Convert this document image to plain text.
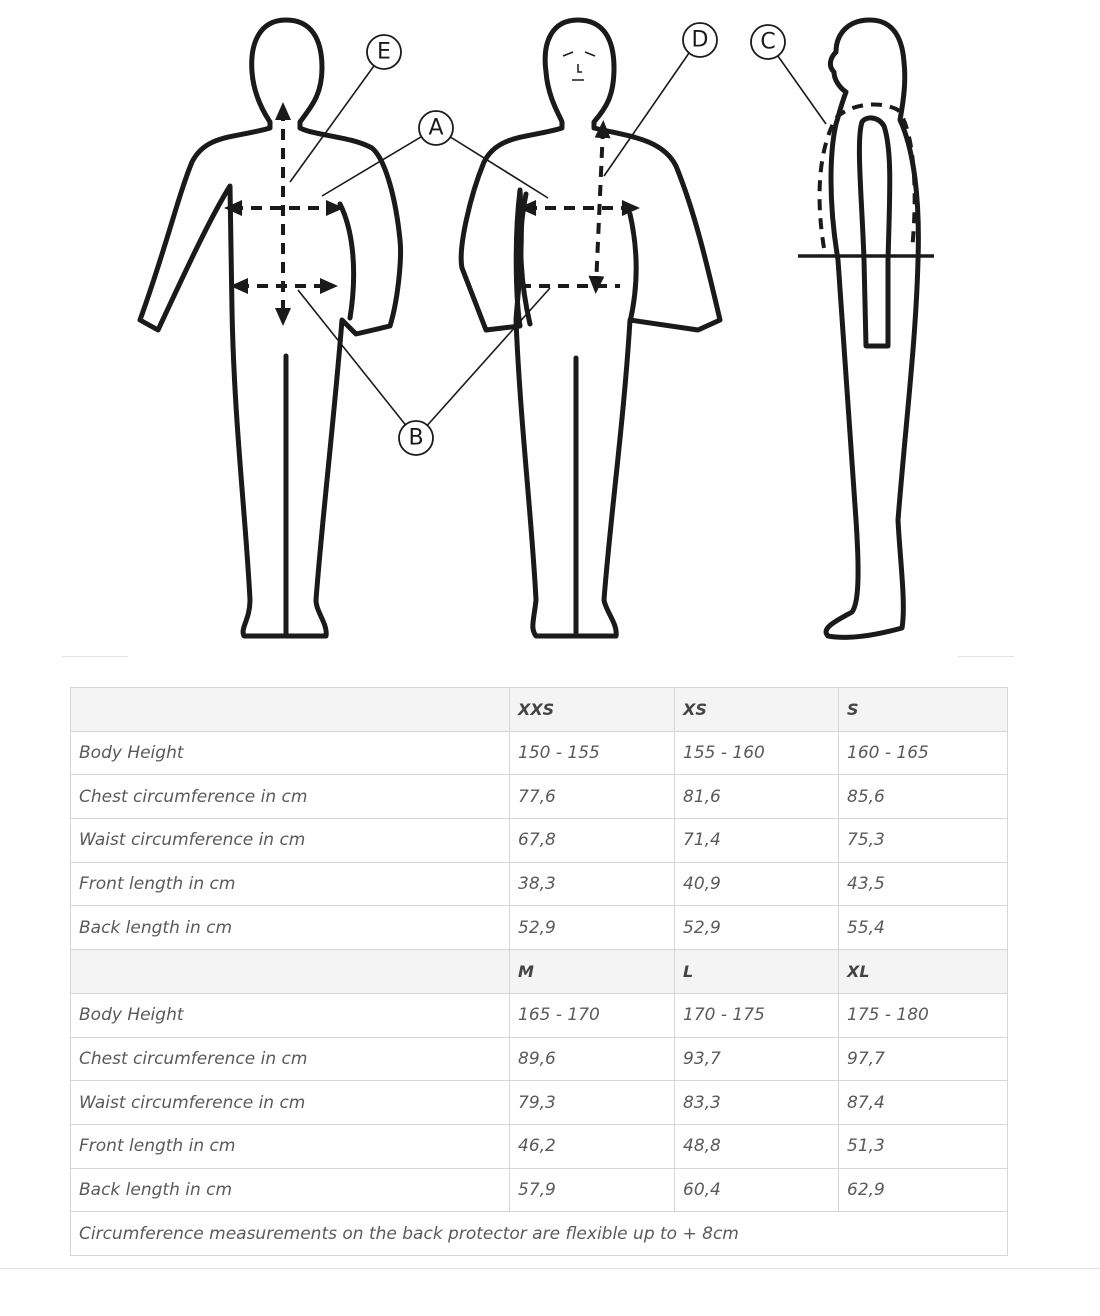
E
A
B
D C
	XXS	XS	S
Body Height	150 - 155	155 - 160	160 - 165
Chest circumference in cm	77,6	81,6	85,6
Waist circumference in cm	67,8	71,4	75,3
Front length in cm	38,3	40,9	43,5
Back length in cm	52,9	52,9	55,4
	M	L	XL
Body Height	165 - 170	170 - 175	175 - 180
Chest circumference in cm	89,6	93,7	97,7
Waist circumference in cm	79,3	83,3	87,4
Front length in cm	46,2	48,8	51,3
Back length in cm	57,9	60,4	62,9
Circumference measurements on the back protector are flexible up to + 8cm			
